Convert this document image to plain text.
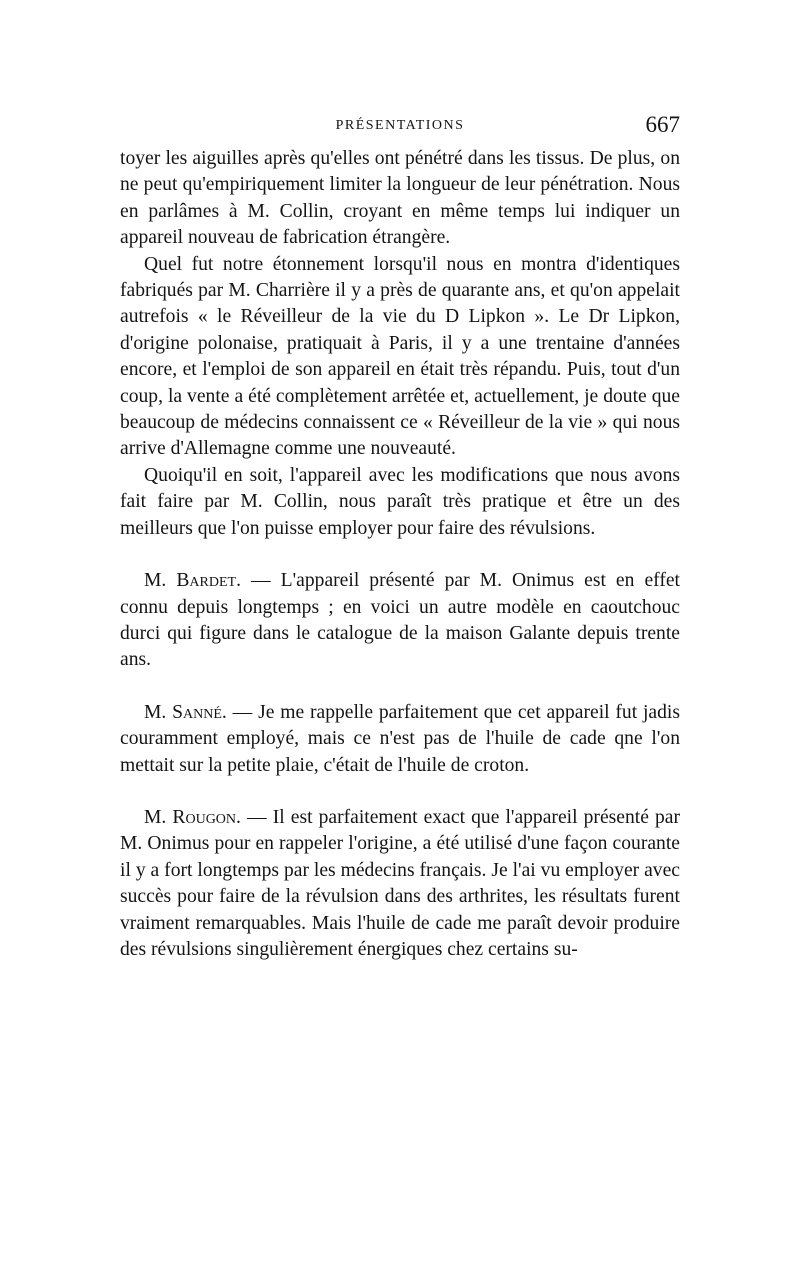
PRÉSENTATIONS	667

toyer les aiguilles après qu'elles ont pénétré dans les tissus. De plus, on ne peut qu'empiriquement limiter la longueur de leur pénétration. Nous en parlâmes à M. Collin, croyant en même temps lui indiquer un appareil nouveau de fabrication étrangère.

Quel fut notre étonnement lorsqu'il nous en montra d'identiques fabriqués par M. Charrière il y a près de quarante ans, et qu'on appelait autrefois « le Réveilleur de la vie du D Lipkon ». Le Dr Lipkon, d'origine polonaise, pratiquait à Paris, il y a une trentaine d'années encore, et l'emploi de son appareil en était très répandu. Puis, tout d'un coup, la vente a été complètement arrêtée et, actuellement, je doute que beaucoup de médecins connaissent ce « Réveilleur de la vie » qui nous arrive d'Allemagne comme une nouveauté.

Quoiqu'il en soit, l'appareil avec les modifications que nous avons fait faire par M. Collin, nous paraît très pratique et être un des meilleurs que l'on puisse employer pour faire des révulsions.

M. Bardet. — L'appareil présenté par M. Onimus est en effet connu depuis longtemps ; en voici un autre modèle en caoutchouc durci qui figure dans le catalogue de la maison Galante depuis trente ans.

M. Sanné. — Je me rappelle parfaitement que cet appareil fut jadis couramment employé, mais ce n'est pas de l'huile de cade qne l'on mettait sur la petite plaie, c'était de l'huile de croton.

M. Rougon. — Il est parfaitement exact que l'appareil présenté par M. Onimus pour en rappeler l'origine, a été utilisé d'une façon courante il y a fort longtemps par les médecins français. Je l'ai vu employer avec succès pour faire de la révulsion dans des arthrites, les résultats furent vraiment remarquables. Mais l'huile de cade me paraît devoir produire des révulsions singulièrement énergiques chez certains su-
